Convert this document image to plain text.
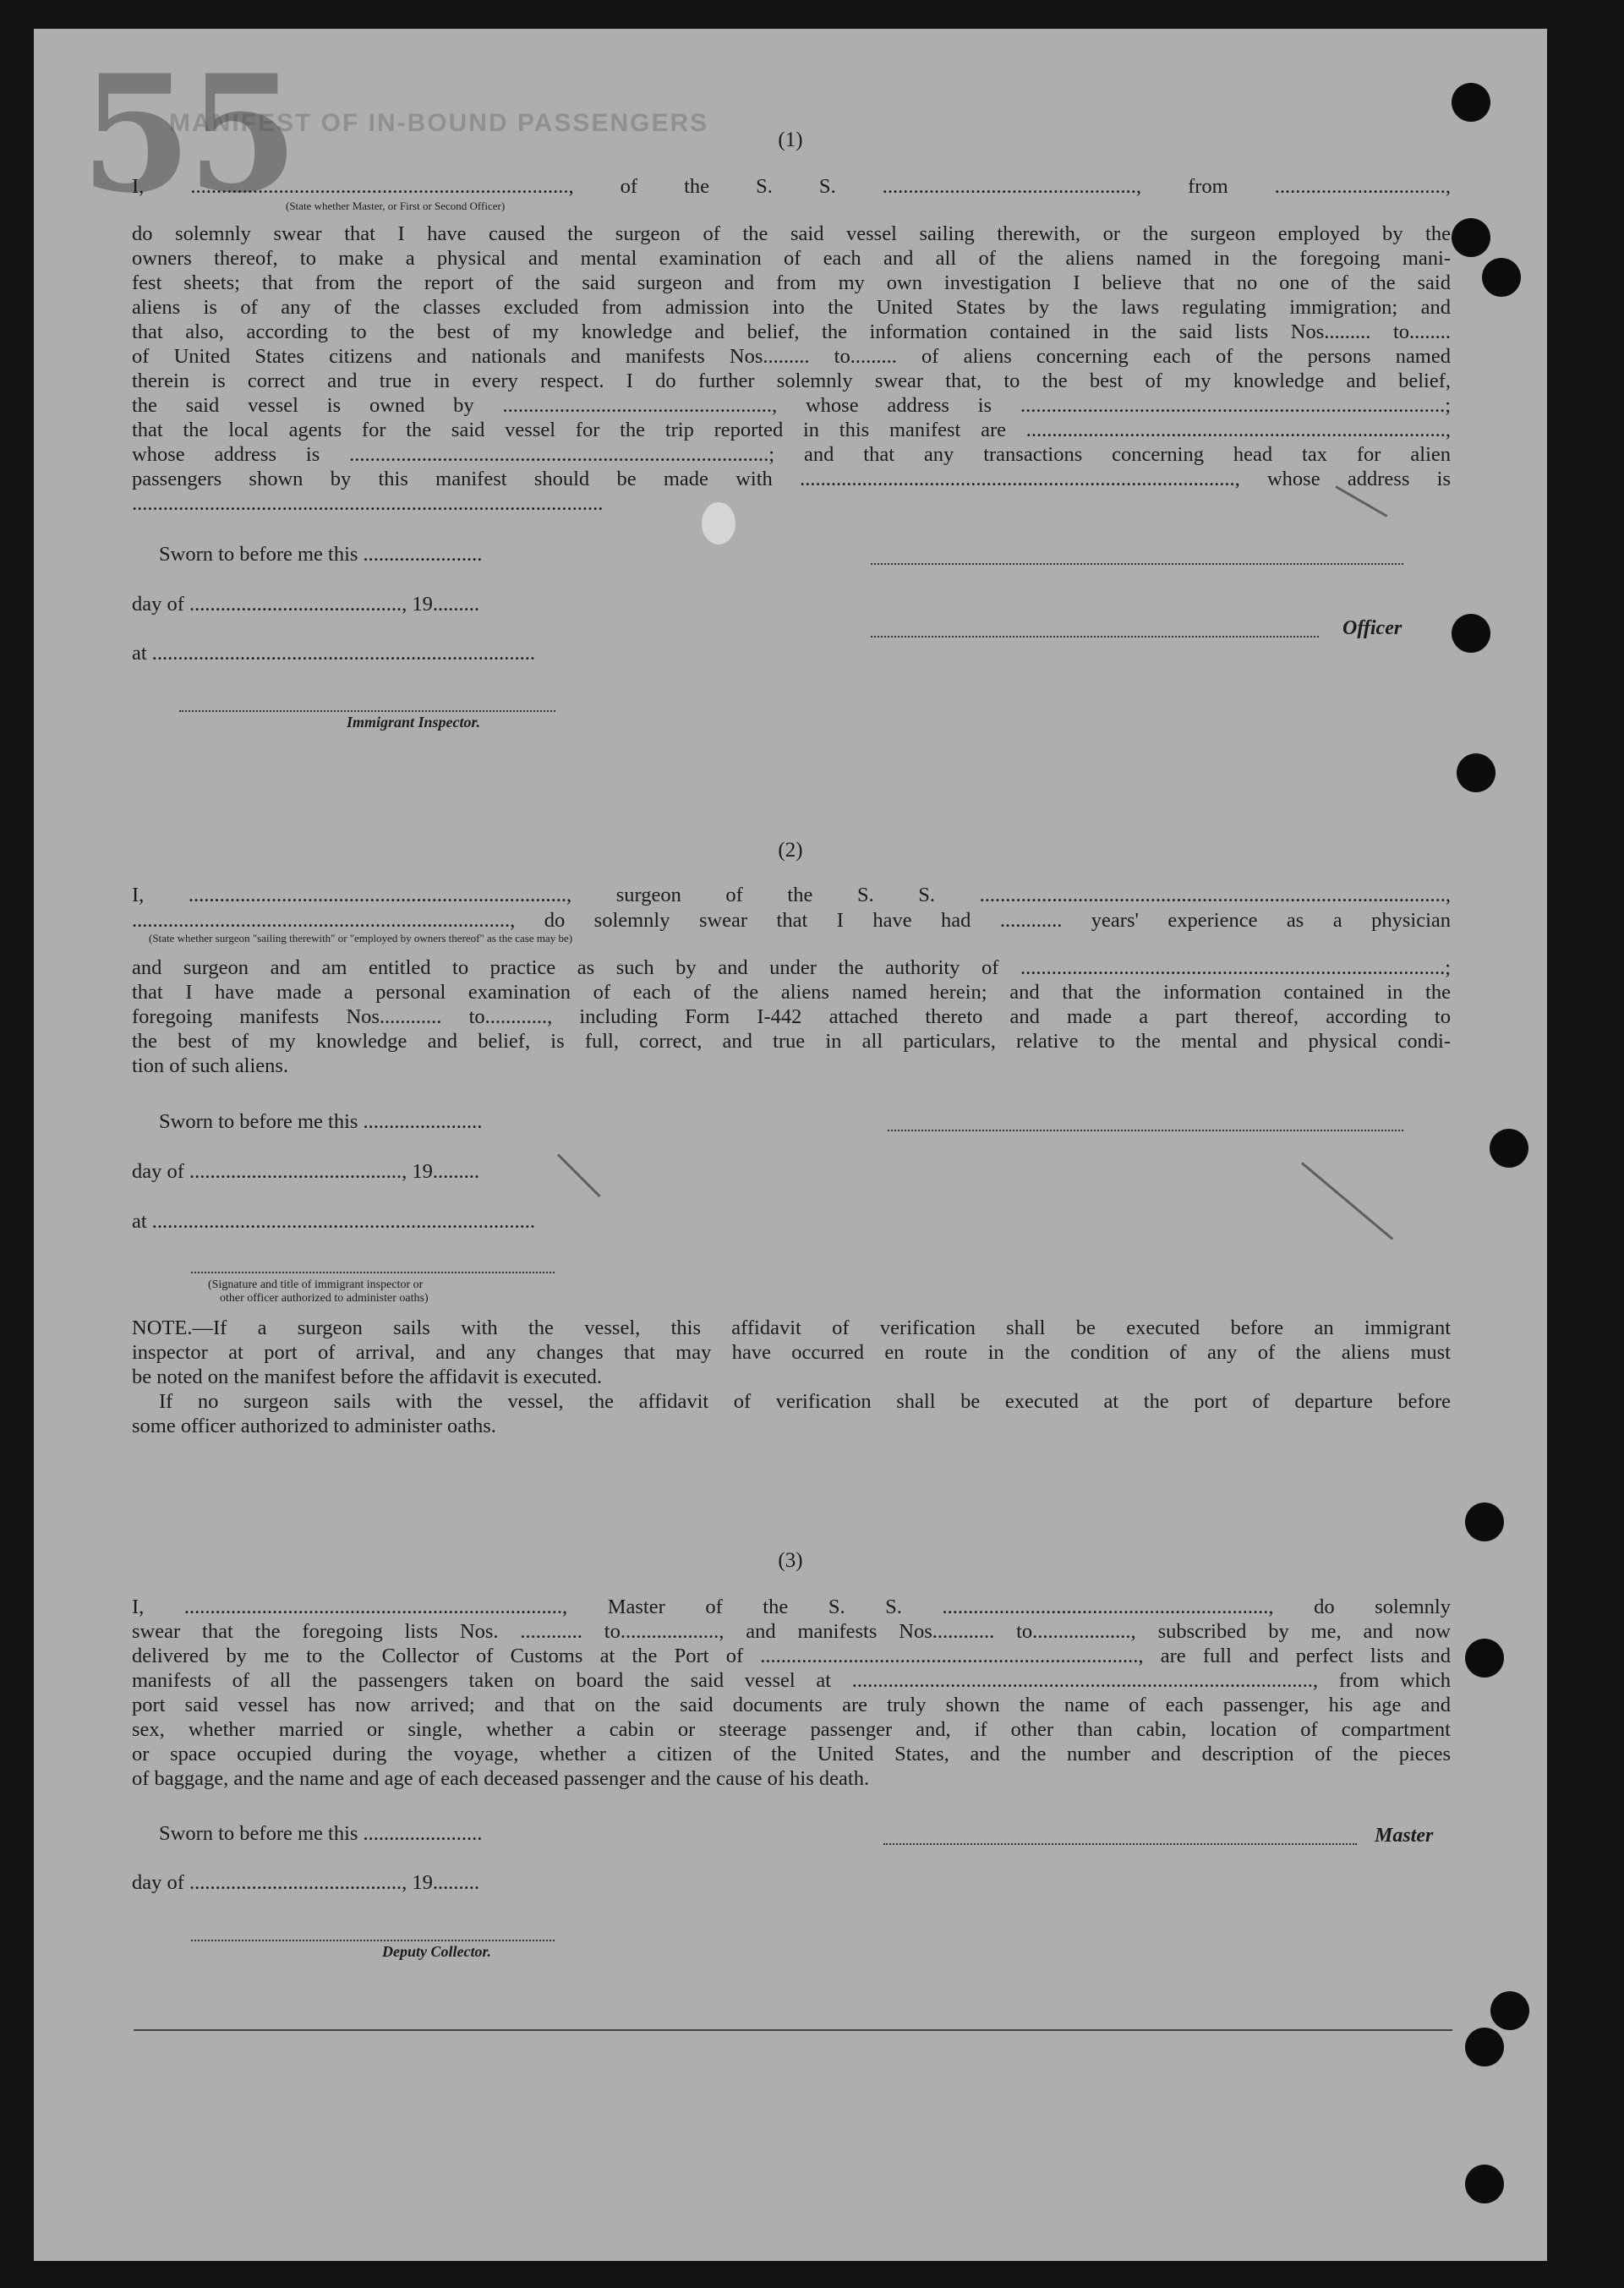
55
MANIFEST OF IN-BOUND PASSENGERS
(1)
I, ........................................................................., of the S. S. ................................................., from .................................,
(State whether Master, or First or Second Officer)
do solemnly swear that I have caused the surgeon of the said vessel sailing therewith, or the surgeon employed by the
owners thereof, to make a physical and mental examination of each and all of the aliens named in the foregoing mani-
fest sheets; that from the report of the said surgeon and from my own investigation I believe that no one of the said
aliens is of any of the classes excluded from admission into the United States by the laws regulating immigration; and
that also, according to the best of my knowledge and belief, the information contained in the said lists Nos......... to........
of United States citizens and nationals and manifests Nos......... to......... of aliens concerning each of the persons named
therein is correct and true in every respect. I do further solemnly swear that, to the best of my knowledge and belief,
the said vessel is owned by ...................................................., whose address is ..................................................................................;
that the local agents for the said vessel for the trip reported in this manifest are .................................................................................,
whose address is .................................................................................; and that any transactions concerning head tax for alien
passengers shown by this manifest should be made with ...................................................................................., whose address is
...........................................................................................
Sworn to before me this .......................
day of ........................................., 19.........
Officer
at ..........................................................................
Immigrant Inspector.
(2)
I, ........................................................................., surgeon of the S. S. ..........................................................................................,
........................................................................., do solemnly swear that I have had ............ years' experience as a physician
(State whether surgeon "sailing therewith" or "employed by owners thereof" as the case may be)
and surgeon and am entitled to practice as such by and under the authority of ..................................................................................;
that I have made a personal examination of each of the aliens named herein; and that the information contained in the
foregoing manifests Nos............ to............, including Form I-442 attached thereto and made a part thereof, according to
the best of my knowledge and belief, is full, correct, and true in all particulars, relative to the mental and physical condi-
tion of such aliens.
Sworn to before me this .......................
day of ........................................., 19.........
at ..........................................................................
(Signature and title of immigrant inspector or
other officer authorized to administer oaths)
NOTE.—If a surgeon sails with the vessel, this affidavit of verification shall be executed before an immigrant
inspector at port of arrival, and any changes that may have occurred en route in the condition of any of the aliens must
be noted on the manifest before the affidavit is executed.
If no surgeon sails with the vessel, the affidavit of verification shall be executed at the port of departure before
some officer authorized to administer oaths.
(3)
I, ........................................................................., Master of the S. S. ..............................................................., do solemnly
swear that the foregoing lists Nos. ............ to..................., and manifests Nos............ to..................., subscribed by me, and now
delivered by me to the Collector of Customs at the Port of ........................................................................., are full and perfect lists and
manifests of all the passengers taken on board the said vessel at ........................................................................................., from which
port said vessel has now arrived; and that on the said documents are truly shown the name of each passenger, his age and
sex, whether married or single, whether a cabin or steerage passenger and, if other than cabin, location of compartment
or space occupied during the voyage, whether a citizen of the United States, and the number and description of the pieces
of baggage, and the name and age of each deceased passenger and the cause of his death.
Sworn to before me this .......................	Master
day of ........................................., 19.........
Deputy Collector.
